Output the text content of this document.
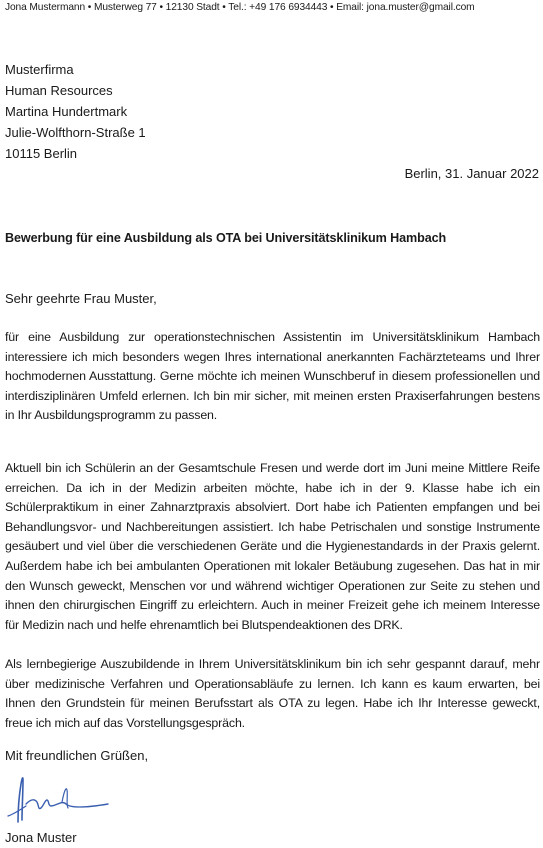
Jona Mustermann • Musterweg 77 • 12130 Stadt • Tel.: +49 176 6934443 • Email: jona.muster@gmail.com
Musterfirma
Human Resources
Martina Hundertmark
Julie-Wolfthorn-Straße 1
10115 Berlin
Berlin, 31. Januar 2022
Bewerbung für eine Ausbildung als OTA bei Universitätsklinikum Hambach
Sehr geehrte Frau Muster,
für eine Ausbildung zur operationstechnischen Assistentin im Universitätsklinikum Hambach interessiere ich mich besonders wegen Ihres international anerkannten Fachärzteteams und Ihrer hochmodernen Ausstattung. Gerne möchte ich meinen Wunschberuf in diesem professionellen und interdisziplinären Umfeld erlernen. Ich bin mir sicher, mit meinen ersten Praxiserfahrungen bestens in Ihr Ausbildungsprogramm zu passen.
Aktuell bin ich Schülerin an der Gesamtschule Fresen und werde dort im Juni meine Mittlere Reife erreichen. Da ich in der Medizin arbeiten möchte, habe ich in der 9. Klasse habe ich ein Schülerpraktikum in einer Zahnarztpraxis absolviert. Dort habe ich Patienten empfangen und bei Behandlungsvor- und Nachbereitungen assistiert. Ich habe Petrischalen und sonstige Instrumente gesäubert und viel über die verschiedenen Geräte und die Hygienestandards in der Praxis gelernt. Außerdem habe ich bei ambulanten Operationen mit lokaler Betäubung zugesehen. Das hat in mir den Wunsch geweckt, Menschen vor und während wichtiger Operationen zur Seite zu stehen und ihnen den chirurgischen Eingriff zu erleichtern. Auch in meiner Freizeit gehe ich meinem Interesse für Medizin nach und helfe ehrenamtlich bei Blutspendeaktionen des DRK.
Als lernbegierige Auszubildende in Ihrem Universitätsklinikum bin ich sehr gespannt darauf, mehr über medizinische Verfahren und Operationsabläufe zu lernen. Ich kann es kaum erwarten, bei Ihnen den Grundstein für meinen Berufsstart als OTA zu legen. Habe ich Ihr Interesse geweckt, freue ich mich auf das Vorstellungsgespräch.
Mit freundlichen Grüßen,
Jona Muster
